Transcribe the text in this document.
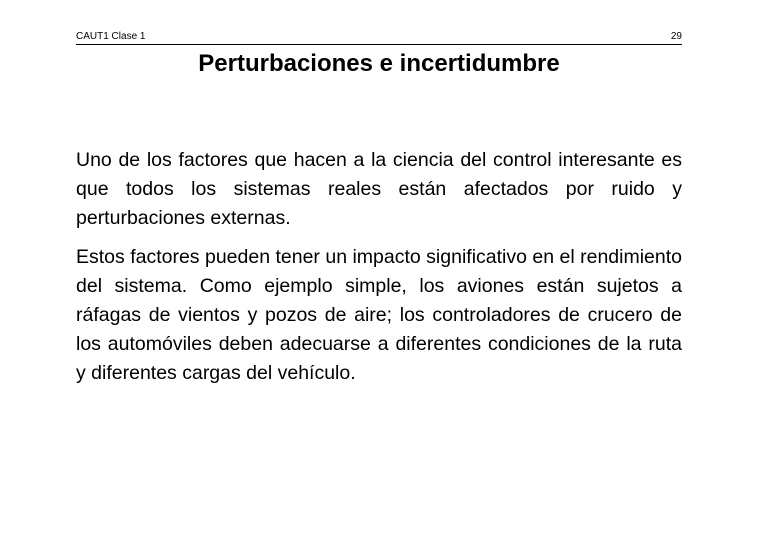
CAUT1 Clase 1	29
Perturbaciones e incertidumbre

Uno de los factores que hacen a la ciencia del control interesante es que todos los sistemas reales están afectados por ruido y perturbaciones externas.

Estos factores pueden tener un impacto significativo en el rendimiento del sistema. Como ejemplo simple, los aviones están sujetos a ráfagas de vientos y pozos de aire; los controladores de crucero de los automóviles deben adecuarse a diferentes condiciones de la ruta y diferentes cargas del vehículo.
